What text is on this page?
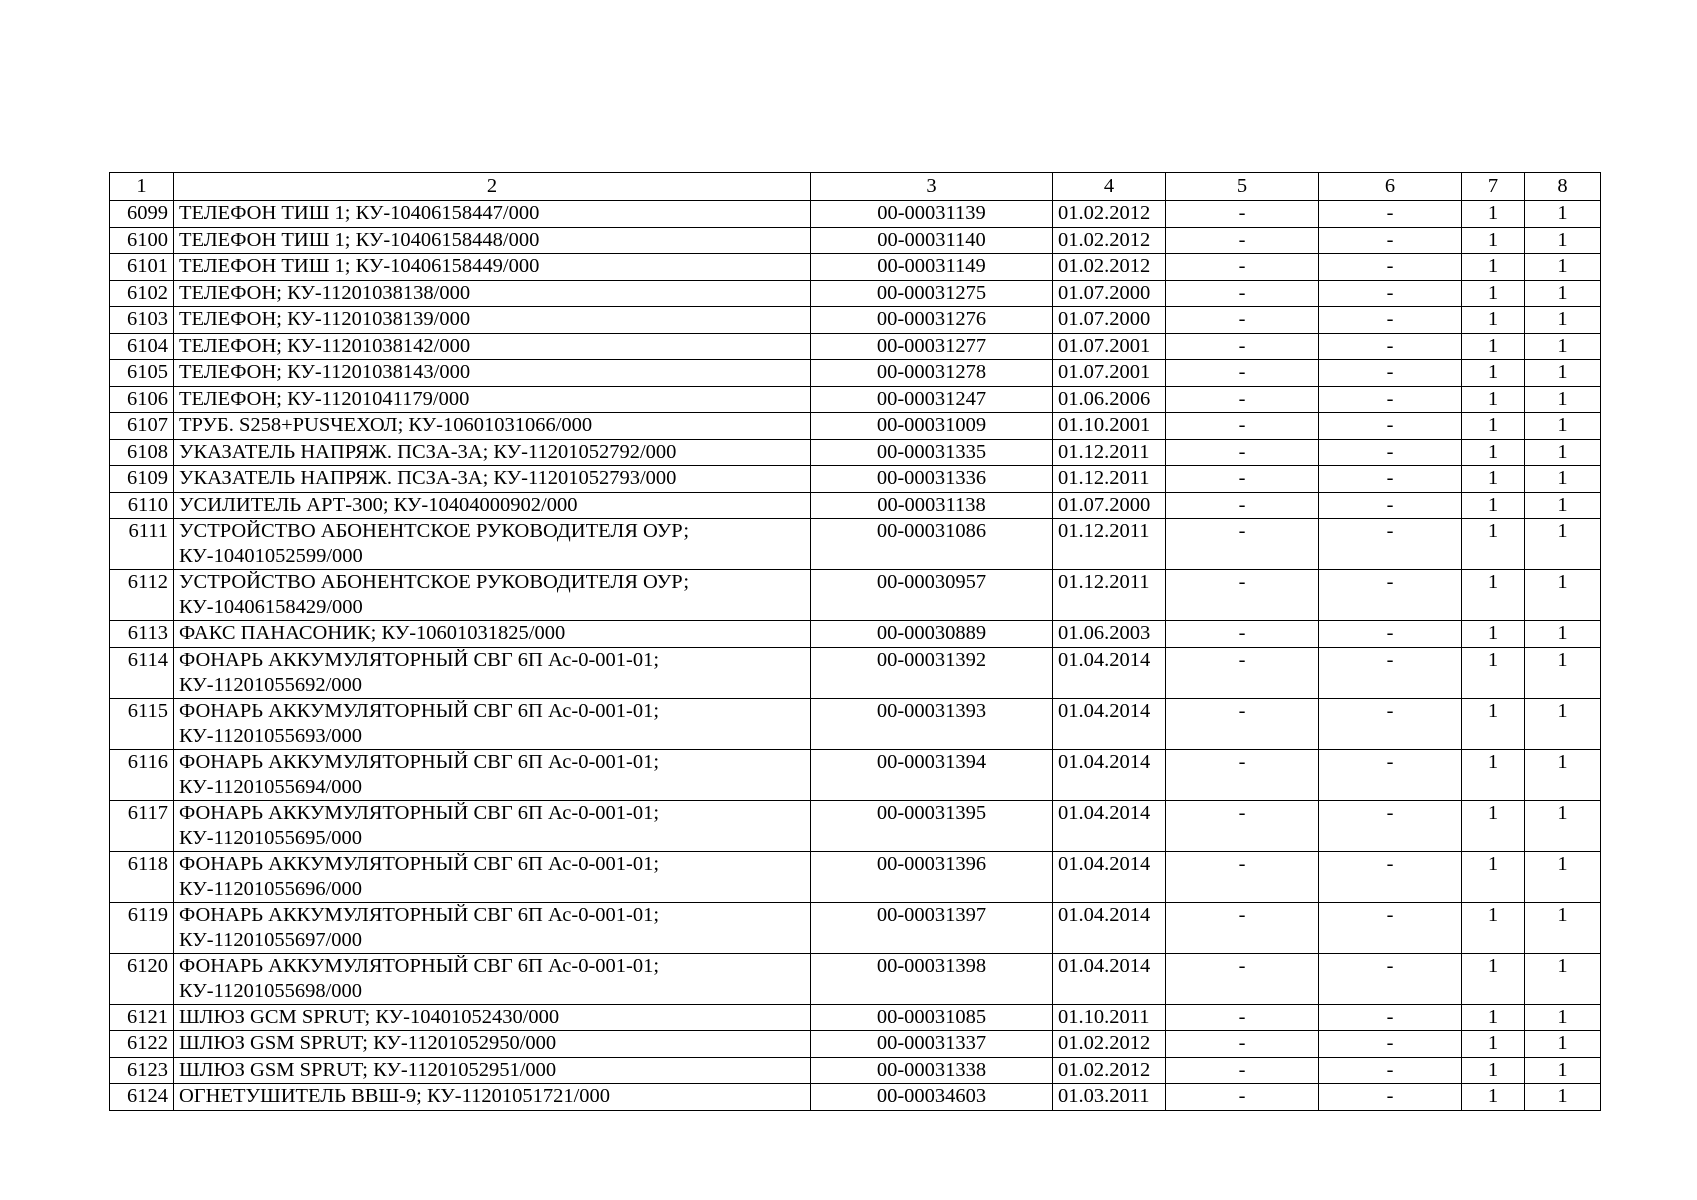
1	2	3	4	5	6	7	8
6099	ТЕЛЕФОН ТИШ 1; КУ-10406158447/000	00-00031139	01.02.2012	-	-	1	1
6100	ТЕЛЕФОН ТИШ 1; КУ-10406158448/000	00-00031140	01.02.2012	-	-	1	1
6101	ТЕЛЕФОН ТИШ 1; КУ-10406158449/000	00-00031149	01.02.2012	-	-	1	1
6102	ТЕЛЕФОН; КУ-11201038138/000	00-00031275	01.07.2000	-	-	1	1
6103	ТЕЛЕФОН; КУ-11201038139/000	00-00031276	01.07.2000	-	-	1	1
6104	ТЕЛЕФОН; КУ-11201038142/000	00-00031277	01.07.2001	-	-	1	1
6105	ТЕЛЕФОН; КУ-11201038143/000	00-00031278	01.07.2001	-	-	1	1
6106	ТЕЛЕФОН; КУ-11201041179/000	00-00031247	01.06.2006	-	-	1	1
6107	ТРУБ. S258+PUSЧЕХОЛ; КУ-10601031066/000	00-00031009	01.10.2001	-	-	1	1
6108	УКАЗАТЕЛЬ НАПРЯЖ. ПСЗА-3А; КУ-11201052792/000	00-00031335	01.12.2011	-	-	1	1
6109	УКАЗАТЕЛЬ НАПРЯЖ. ПСЗА-3А; КУ-11201052793/000	00-00031336	01.12.2011	-	-	1	1
6110	УСИЛИТЕЛЬ АРТ-300; КУ-10404000902/000	00-00031138	01.07.2000	-	-	1	1
6111	УСТРОЙСТВО АБОНЕНТСКОЕ РУКОВОДИТЕЛЯ ОУР; КУ-10401052599/000	00-00031086	01.12.2011	-	-	1	1
6112	УСТРОЙСТВО АБОНЕНТСКОЕ РУКОВОДИТЕЛЯ ОУР; КУ-10406158429/000	00-00030957	01.12.2011	-	-	1	1
6113	ФАКС ПАНАСОНИК; КУ-10601031825/000	00-00030889	01.06.2003	-	-	1	1
6114	ФОНАРЬ АККУМУЛЯТОРНЫЙ СВГ 6П Ас-0-001-01; КУ-11201055692/000	00-00031392	01.04.2014	-	-	1	1
6115	ФОНАРЬ АККУМУЛЯТОРНЫЙ СВГ 6П Ас-0-001-01; КУ-11201055693/000	00-00031393	01.04.2014	-	-	1	1
6116	ФОНАРЬ АККУМУЛЯТОРНЫЙ СВГ 6П Ас-0-001-01; КУ-11201055694/000	00-00031394	01.04.2014	-	-	1	1
6117	ФОНАРЬ АККУМУЛЯТОРНЫЙ СВГ 6П Ас-0-001-01; КУ-11201055695/000	00-00031395	01.04.2014	-	-	1	1
6118	ФОНАРЬ АККУМУЛЯТОРНЫЙ СВГ 6П Ас-0-001-01; КУ-11201055696/000	00-00031396	01.04.2014	-	-	1	1
6119	ФОНАРЬ АККУМУЛЯТОРНЫЙ СВГ 6П Ас-0-001-01; КУ-11201055697/000	00-00031397	01.04.2014	-	-	1	1
6120	ФОНАРЬ АККУМУЛЯТОРНЫЙ СВГ 6П Ас-0-001-01; КУ-11201055698/000	00-00031398	01.04.2014	-	-	1	1
6121	ШЛЮЗ GCM SPRUT; КУ-10401052430/000	00-00031085	01.10.2011	-	-	1	1
6122	ШЛЮЗ GSM SPRUT; КУ-11201052950/000	00-00031337	01.02.2012	-	-	1	1
6123	ШЛЮЗ GSM SPRUT; КУ-11201052951/000	00-00031338	01.02.2012	-	-	1	1
6124	ОГНЕТУШИТЕЛЬ ВВШ-9; КУ-11201051721/000	00-00034603	01.03.2011	-	-	1	1
